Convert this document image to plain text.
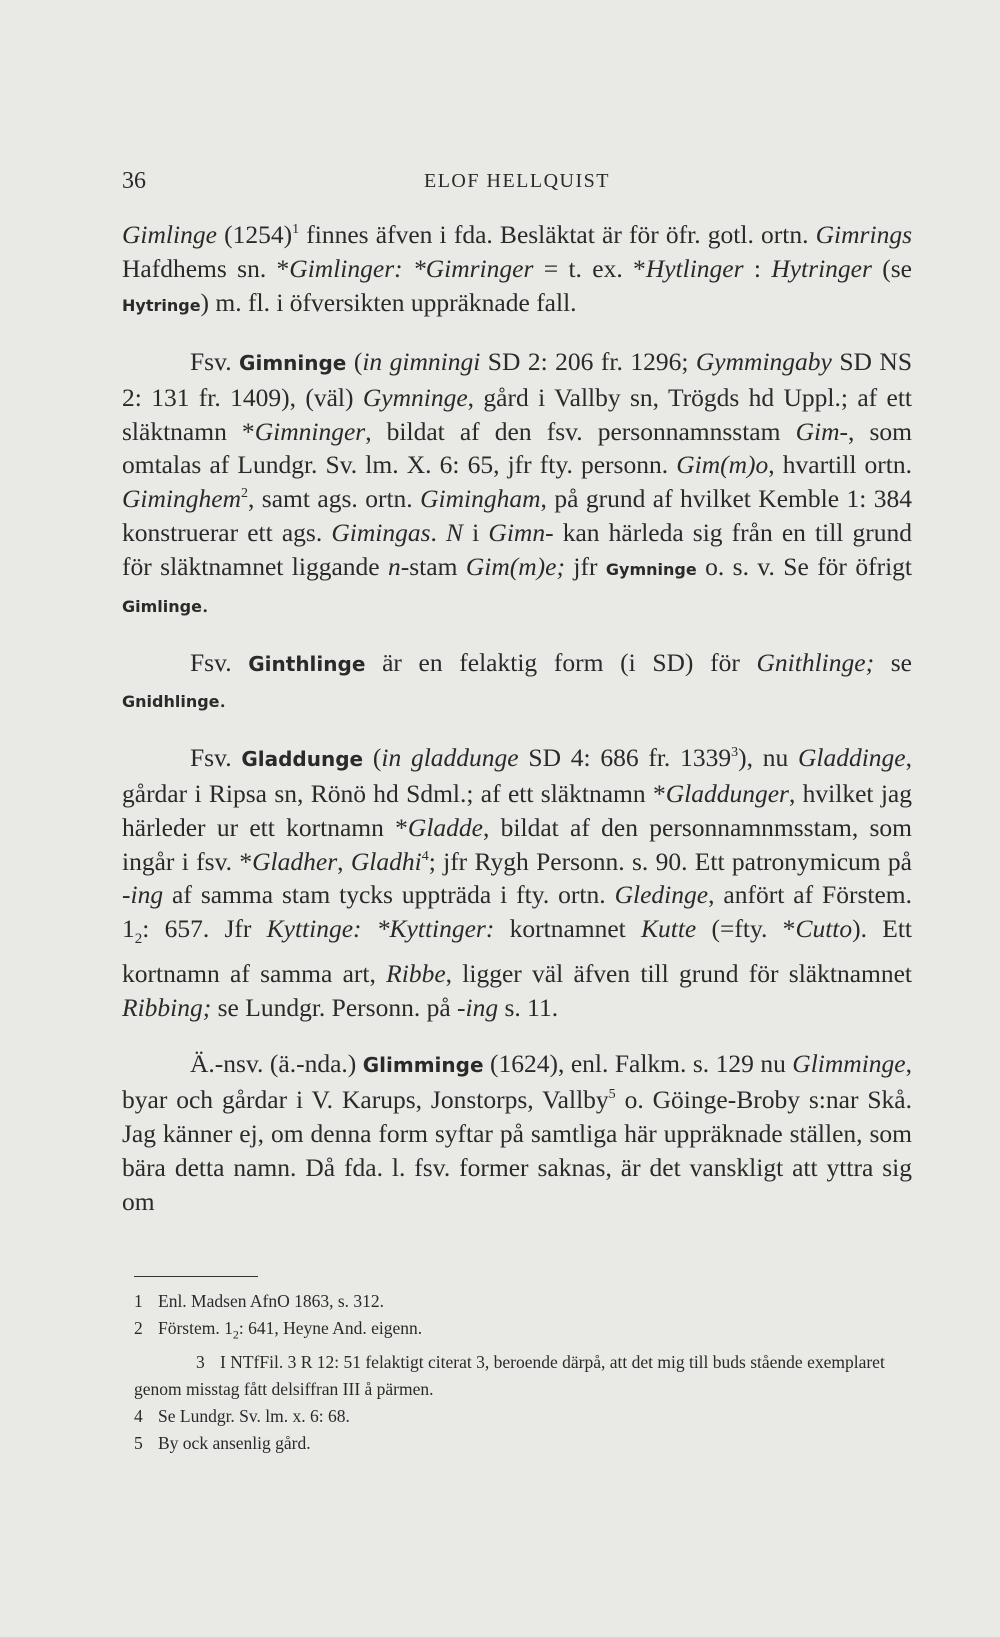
36	ELOF HELLQUIST

Gimlinge $(1254)^1$ finnes äfven i fda. Besläktat är för öfr. gotl. ortn. Gimrings Hafdhems sn. *Gimlinger: *Gimringer = t. ex. *Hytlinger : Hytringer (se Hytringe) m. fl. i öfversikten uppräknade fall.

Fsv. Gimninge (in gimningi SD 2: 206 fr. 1296; Gymmingaby SD NS 2: 131 fr. 1409), (väl) Gymninge, gård i Vallby sn, Trögds hd Uppl.; af ett släktnamn *Gimninger, bildat af den fsv. personnamnsstam Gim-, som omtalas af Lundgr. Sv. lm. X. 6: 65, jfr fty. personn. Gim(m)o, hvartill ortn. Giminghem$^2$, samt ags. ortn. Gimingham, på grund af hvilket Kemble 1: 384 konstruerar ett ags. Gimingas. N i Gimn- kan härleda sig från en till grund för släktnamnet liggande n-stam Gim(m)e; jfr Gymninge o. s. v. Se för öfrigt Gimlinge.

Fsv. Ginthlinge är en felaktig form (i SD) för Gnithlinge; se Gnidhlinge.

Fsv. Gladdunge (in gladdunge SD 4: 686 fr. 1339$^3$), nu Gladdinge, gårdar i Ripsa sn, Rönö hd Sdml.; af ett släktnamn *Gladdunger, hvilket jag härleder ur ett kortnamn *Gladde, bildat af den personnamnmsstam, som ingår i fsv. *Gladher, Gladhi$^4$; jfr Rygh Personn. s. 90. Ett patronymicum på -ing af samma stam tycks uppträda i fty. ortn. Gledinge, anfört af Förstem. $1_2$: 657. Jfr Kyttinge: *Kyttinger: kortnamnet Kutte (=fty. *Cutto). Ett kortnamn af samma art, Ribbe, ligger väl äfven till grund för släktnamnet Ribbing; se Lundgr. Personn. på -ing s. 11.

Ä.-nsv. (ä.-nda.) Glimminge (1624), enl. Falkm. s. 129 nu Glimminge, byar och gårdar i V. Karups, Jonstorps, Vallby$^5$ o. Göinge-Broby s:nar Skå. Jag känner ej, om denna form syftar på samtliga här uppräknade ställen, som bära detta namn. Då fda. l. fsv. former saknas, är det vanskligt att yttra sig om

1 Enl. Madsen AfnO 1863, s. 312.
2 Förstem. $1_2$: 641, Heyne And. eigenn.
3 I NTfFil. 3 R 12: 51 felaktigt citerat 3, beroende därpå, att det mig till buds stående exemplaret genom misstag fått delsiffran III å pärmen.
4 Se Lundgr. Sv. lm. x. 6: 68.
5 By ock ansenlig gård.
